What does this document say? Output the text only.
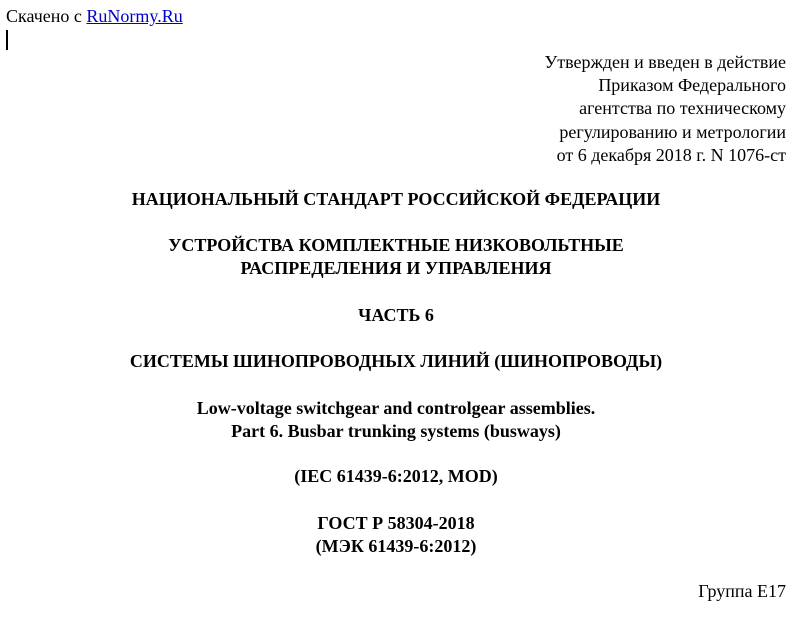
Скачено с RuNormy.Ru
Утвержден и введен в действие
Приказом Федерального
агентства по техническому
регулированию и метрологии
от 6 декабря 2018 г. N 1076-ст
НАЦИОНАЛЬНЫЙ СТАНДАРТ РОССИЙСКОЙ ФЕДЕРАЦИИ
УСТРОЙСТВА КОМПЛЕКТНЫЕ НИЗКОВОЛЬТНЫЕ
РАСПРЕДЕЛЕНИЯ И УПРАВЛЕНИЯ
ЧАСТЬ 6
СИСТЕМЫ ШИНОПРОВОДНЫХ ЛИНИЙ (ШИНОПРОВОДЫ)
Low-voltage switchgear and controlgear assemblies.
Part 6. Busbar trunking systems (busways)
(IEC 61439-6:2012, MOD)
ГОСТ Р 58304-2018
(МЭК 61439-6:2012)
Группа Е17
